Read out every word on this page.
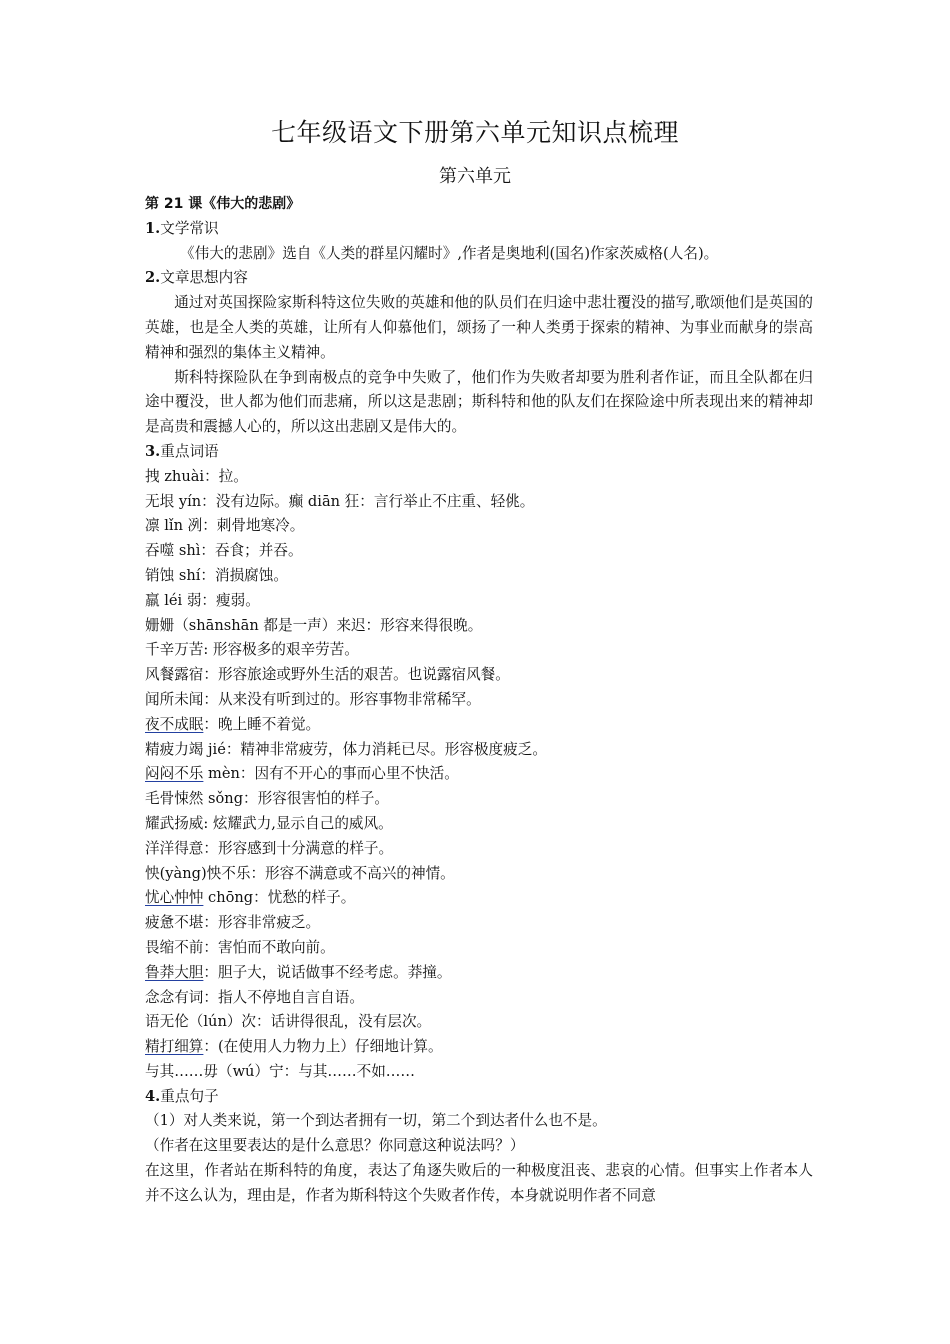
七年级语文下册第六单元知识点梳理
第六单元

第 21 课《伟大的悲剧》

1.文学常识

《伟大的悲剧》选自《人类的群星闪耀时》,作者是奥地利(国名)作家茨威格(人名)。

2.文章思想内容

通过对英国探险家斯科特这位失败的英雄和他的队员们在归途中悲壮覆没的描写,歌颂他们是英国的英雄，也是全人类的英雄，让所有人仰慕他们，颂扬了一种人类勇于探索的精神、为事业而献身的崇高精神和强烈的集体主义精神。

斯科特探险队在争到南极点的竞争中失败了，他们作为失败者却要为胜利者作证，而且全队都在归途中覆没，世人都为他们而悲痛，所以这是悲剧；斯科特和他的队友们在探险途中所表现出来的精神却是高贵和震撼人心的，所以这出悲剧又是伟大的。

3.重点词语

拽 zhuài：拉。

无垠 yín：没有边际。癫 diān 狂：言行举止不庄重、轻佻。

凛 lǐn 冽：刺骨地寒冷。

吞噬 shì：吞食；并吞。

销蚀 shí：消损腐蚀。

羸 léi 弱：瘦弱。

姗姗（shānshān 都是一声）来迟：形容来得很晚。

千辛万苦: 形容极多的艰辛劳苦。

风餐露宿：形容旅途或野外生活的艰苦。也说露宿风餐。

闻所未闻：从来没有听到过的。形容事物非常稀罕。

夜不成眠：晚上睡不着觉。

精疲力竭 jié：精神非常疲劳，体力消耗已尽。形容极度疲乏。

闷闷不乐 mèn：因有不开心的事而心里不快活。

毛骨悚然 sǒng：形容很害怕的样子。

耀武扬威: 炫耀武力,显示自己的威风。

洋洋得意：形容感到十分满意的样子。

怏(yàng)怏不乐：形容不满意或不高兴的神情。

忧心忡忡 chōng：忧愁的样子。

疲惫不堪：形容非常疲乏。

畏缩不前：害怕而不敢向前。

鲁莽大胆：胆子大，说话做事不经考虑。莽撞。

念念有词：指人不停地自言自语。

语无伦（lún）次：话讲得很乱，没有层次。

精打细算：(在使用人力物力上）仔细地计算。

与其……毋（wú）宁：与其……不如……

4.重点句子

（1）对人类来说，第一个到达者拥有一切，第二个到达者什么也不是。

（作者在这里要表达的是什么意思？你同意这种说法吗？）

在这里，作者站在斯科特的角度，表达了角逐失败后的一种极度沮丧、悲哀的心情。但事实上作者本人并不这么认为，理由是，作者为斯科特这个失败者作传，本身就说明作者不同意
